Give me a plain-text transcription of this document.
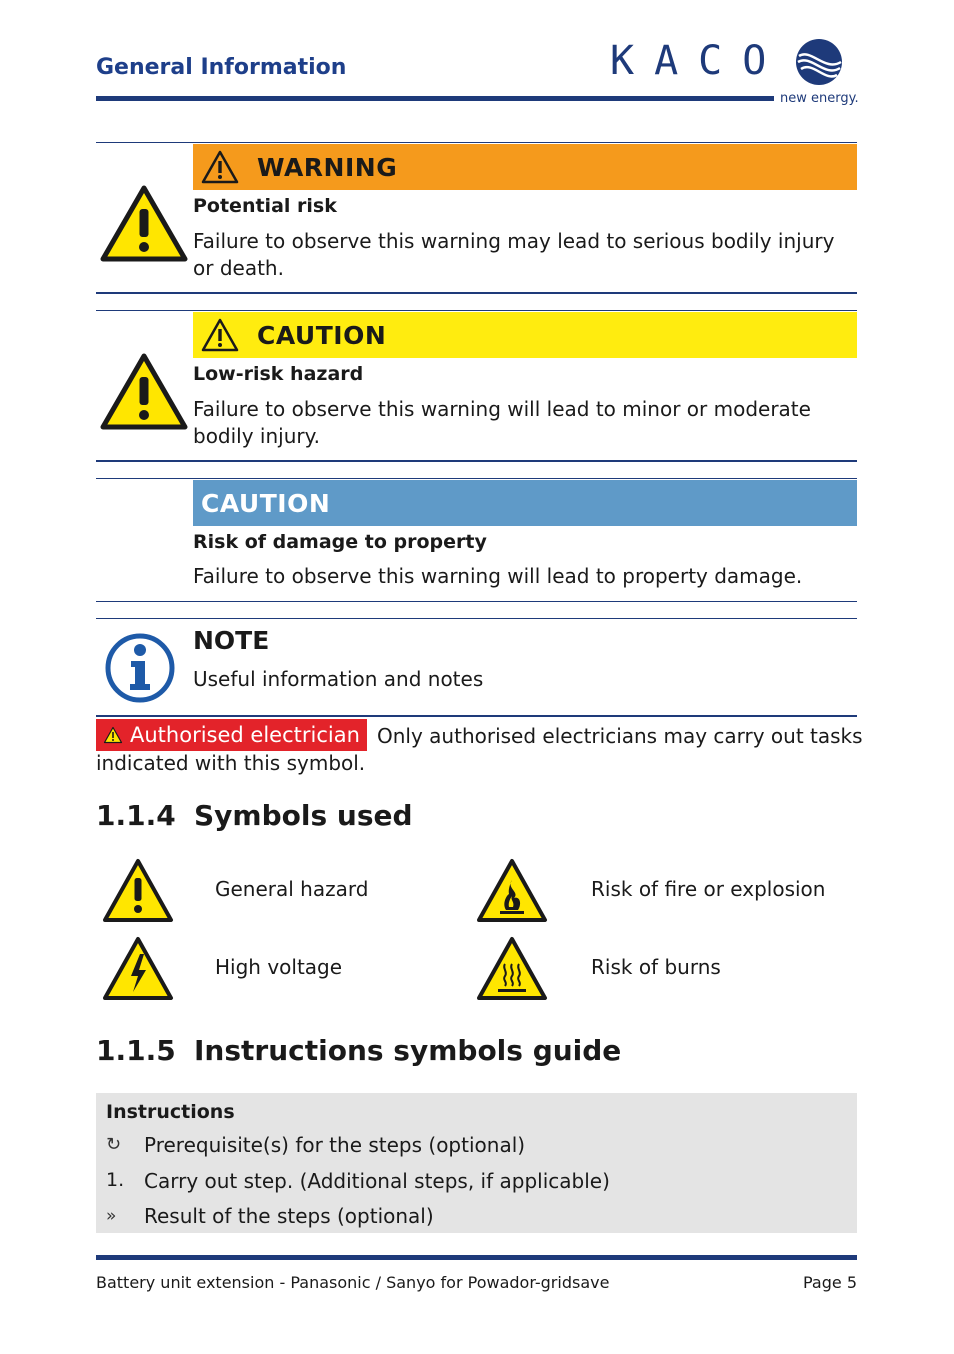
General Information	KACO
new energy.
WARNING
Potential risk
Failure to observe this warning may lead to serious bodily injury or death.
CAUTION
Low-risk hazard
Failure to observe this warning will lead to minor or moderate bodily injury.
CAUTION
Risk of damage to property
Failure to observe this warning will lead to property damage.
NOTE
Useful information and notes
Authorised electrician Only authorised electricians may carry out tasks
indicated with this symbol.
1.1.4 Symbols used
General hazard	Risk of fire or explosion
High voltage	Risk of burns
1.1.5 Instructions symbols guide
Instructions
↻ Prerequisite(s) for the steps (optional)
1. Carry out step. (Additional steps, if applicable)
» Result of the steps (optional)
Battery unit extension - Panasonic / Sanyo for Powador-gridsave	Page 5
